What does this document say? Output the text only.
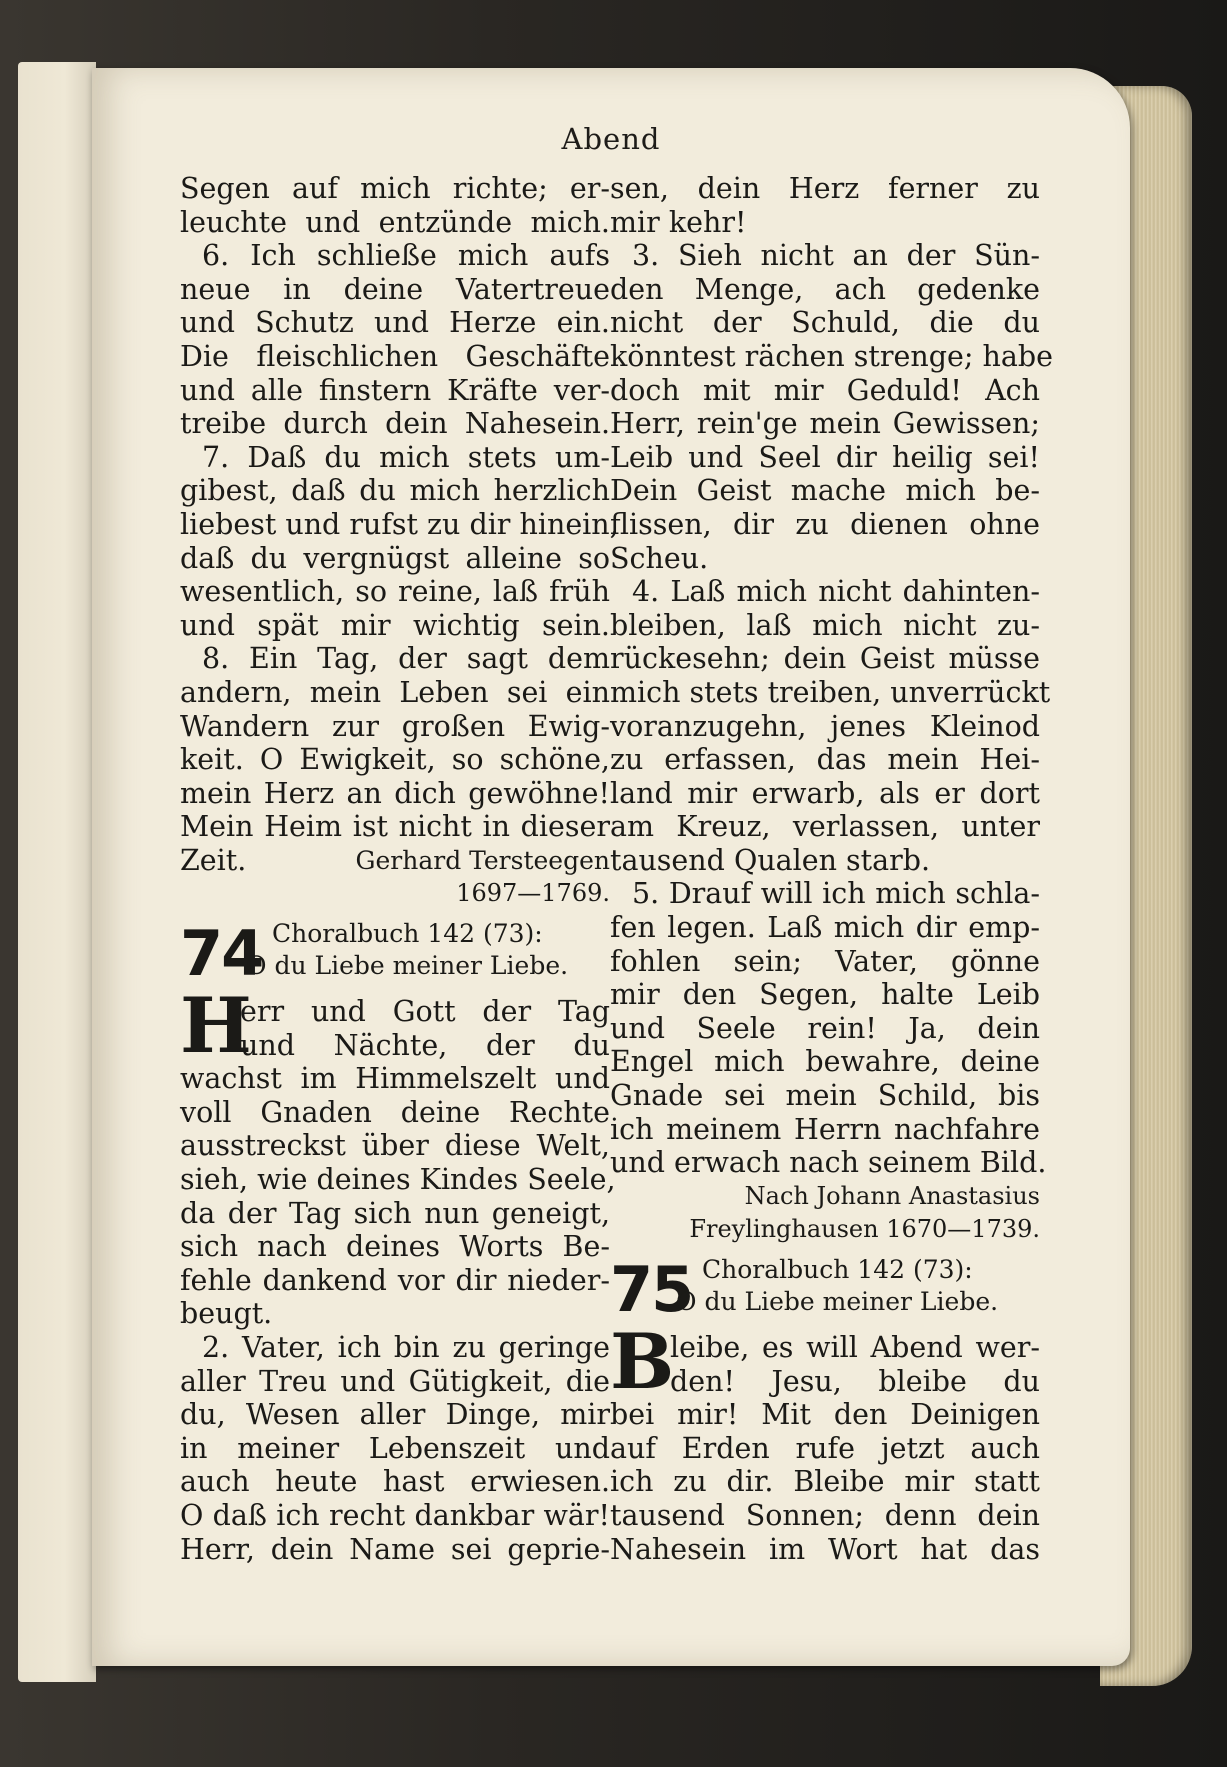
Abend
Segen auf mich richte; er-
leuchte und entzünde mich.
6. Ich schließe mich aufs
neue in deine Vatertreue
und Schutz und Herze ein.
Die fleischlichen Geschäfte
und alle finstern Kräfte ver-
treibe durch dein Nahesein.
7. Daß du mich stets um-
gibest, daß du mich herzlich
liebest und rufst zu dir hinein,
daß du vergnügst alleine so
wesentlich, so reine, laß früh
und spät mir wichtig sein.
8. Ein Tag, der sagt dem
andern, mein Leben sei ein
Wandern zur großen Ewig-
keit. O Ewigkeit, so schöne,
mein Herz an dich gewöhne!
Mein Heim ist nicht in dieser
Zeit.	Gerhard Tersteegen
1697—1769.
74 Choralbuch 142 (73):
O du Liebe meiner Liebe.
H
err und Gott der Tag
und Nächte, der du
wachst im Himmelszelt und
voll Gnaden deine Rechte
ausstreckst über diese Welt,
sieh, wie deines Kindes Seele,
da der Tag sich nun geneigt,
sich nach deines Worts Be-
fehle dankend vor dir nieder-
beugt.
2. Vater, ich bin zu geringe
aller Treu und Gütigkeit, die
du, Wesen aller Dinge, mir
in meiner Lebenszeit und
auch heute hast erwiesen.
O daß ich recht dankbar wär!
Herr, dein Name sei geprie-
sen, dein Herz ferner zu
mir kehr!
3. Sieh nicht an der Sün-
den Menge, ach gedenke
nicht der Schuld, die du
könntest rächen strenge; habe
doch mit mir Geduld! Ach
Herr, rein'ge mein Gewissen;
Leib und Seel dir heilig sei!
Dein Geist mache mich be-
flissen, dir zu dienen ohne
Scheu.
4. Laß mich nicht dahinten-
bleiben, laß mich nicht zu-
rückesehn; dein Geist müsse
mich stets treiben, unverrückt
voranzugehn, jenes Kleinod
zu erfassen, das mein Hei-
land mir erwarb, als er dort
am Kreuz, verlassen, unter
tausend Qualen starb.
5. Drauf will ich mich schla-
fen legen. Laß mich dir emp-
fohlen sein; Vater, gönne
mir den Segen, halte Leib
und Seele rein! Ja, dein
Engel mich bewahre, deine
Gnade sei mein Schild, bis
ich meinem Herrn nachfahre
und erwach nach seinem Bild.
Nach Johann Anastasius
Freylinghausen 1670—1739.
75 Choralbuch 142 (73):
O du Liebe meiner Liebe.
B
leibe, es will Abend wer-
den! Jesu, bleibe du
bei mir! Mit den Deinigen
auf Erden rufe jetzt auch
ich zu dir. Bleibe mir statt
tausend Sonnen; denn dein
Nahesein im Wort hat das
